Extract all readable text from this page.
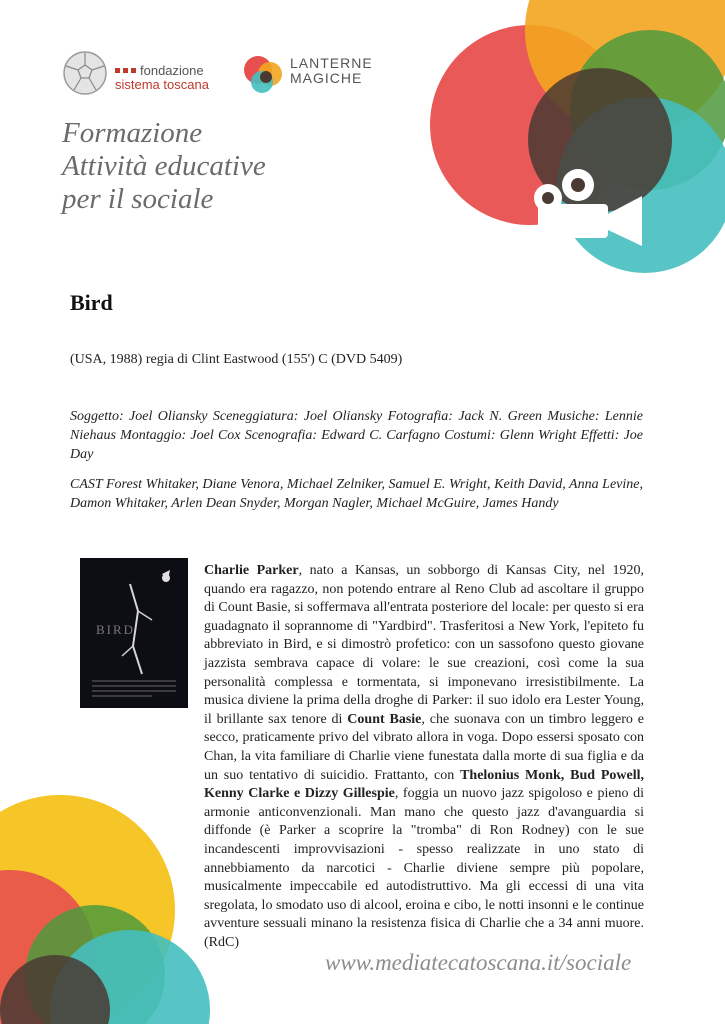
fondazione
sistema toscana
LANTERNE
MAGICHE
Formazione
Attività educative
per il sociale
Bird
(USA, 1988) regia di Clint Eastwood (155') C (DVD 5409)
Soggetto: Joel Oliansky Sceneggiatura: Joel Oliansky Fotografia: Jack N. Green Musiche: Lennie Niehaus Montaggio: Joel Cox Scenografia: Edward C. Carfagno Costumi: Glenn Wright Effetti: Joe Day
CAST Forest Whitaker, Diane Venora, Michael Zelniker, Samuel E. Wright, Keith David, Anna Levine, Damon Whitaker, Arlen Dean Snyder, Morgan Nagler, Michael McGuire, James Handy
BIRD
Charlie Parker, nato a Kansas, un sobborgo di Kansas City, nel 1920, quando era ragazzo, non potendo entrare al Reno Club ad ascoltare il gruppo di Count Basie, si soffermava all'entrata posteriore del locale: per questo si era guadagnato il soprannome di "Yardbird". Trasferitosi a New York, l'epiteto fu abbreviato in Bird, e si dimostrò profetico: con un sassofono questo giovane jazzista sembrava capace di volare: le sue creazioni, così come la sua personalità complessa e tormentata, si imponevano irresistibilmente. La musica diviene la prima della droghe di Parker: il suo idolo era Lester Young, il brillante sax tenore di Count Basie, che suonava con un timbro leggero e secco, praticamente privo del vibrato allora in voga. Dopo essersi sposato con Chan, la vita familiare di Charlie viene funestata dalla morte di sua figlia e da un suo tentativo di suicidio. Frattanto, con Thelonius Monk, Bud Powell, Kenny Clarke e Dizzy Gillespie, foggia un nuovo jazz spigoloso e pieno di armonie anticonvenzionali. Man mano che questo jazz d'avanguardia si diffonde (è Parker a scoprire la "tromba" di Ron Rodney) con le sue incandescenti improvvisazioni - spesso realizzate in uno stato di annebbiamento da narcotici - Charlie diviene sempre più popolare, musicalmente impeccabile ed autodistruttivo. Ma gli eccessi di una vita sregolata, lo smodato uso di alcool, eroina e cibo, le notti insonni e le continue avventure sessuali minano la resistenza fisica di Charlie che a 34 anni muore.(RdC)
www.mediatecatoscana.it/sociale
